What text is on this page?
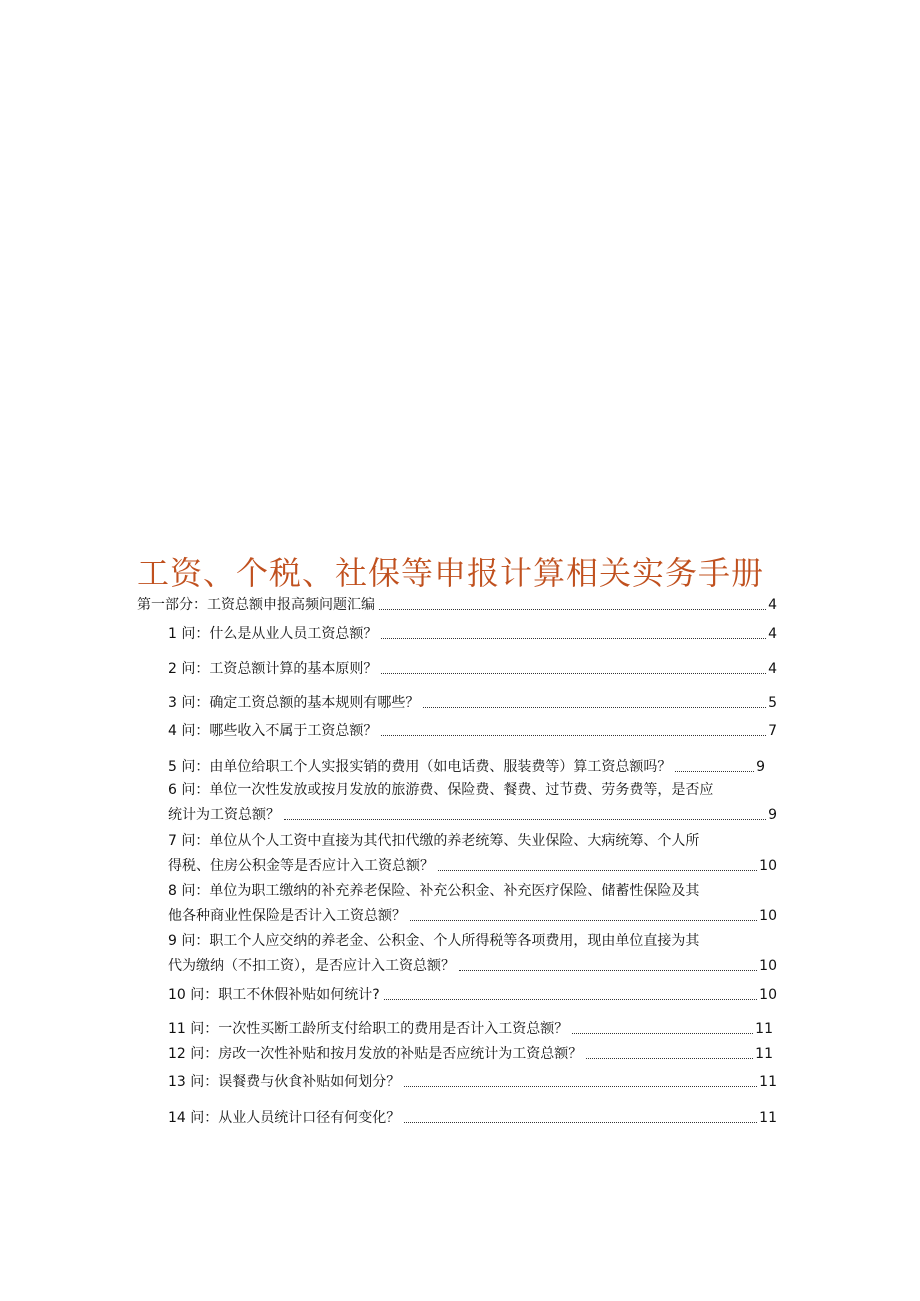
工资、个税、社保等申报计算相关实务手册
第一部分：工资总额申报高频问题汇编	4
1 问：什么是从业人员工资总额？	4
2 问：工资总额计算的基本原则？	4
3 问：确定工资总额的基本规则有哪些？	5
4 问：哪些收入不属于工资总额？	7
5 问：由单位给职工个人实报实销的费用（如电话费、服装费等）算工资总额吗？	9
6 问：单位一次性发放或按月发放的旅游费、保险费、餐费、过节费、劳务费等，是否应
统计为工资总额？	9
7 问：单位从个人工资中直接为其代扣代缴的养老统筹、失业保险、大病统筹、个人所
得税、住房公积金等是否应计入工资总额？	10
8 问：单位为职工缴纳的补充养老保险、补充公积金、补充医疗保险、储蓄性保险及其
他各种商业性保险是否计入工资总额？	10
9 问：职工个人应交纳的养老金、公积金、个人所得税等各项费用，现由单位直接为其
代为缴纳（不扣工资），是否应计入工资总额？	10
10 问：职工不休假补贴如何统计?	10
11 问：一次性买断工龄所支付给职工的费用是否计入工资总额？	11
12 问：房改一次性补贴和按月发放的补贴是否应统计为工资总额？	11
13 问：误餐费与伙食补贴如何划分？	11
14 问：从业人员统计口径有何变化？	11
